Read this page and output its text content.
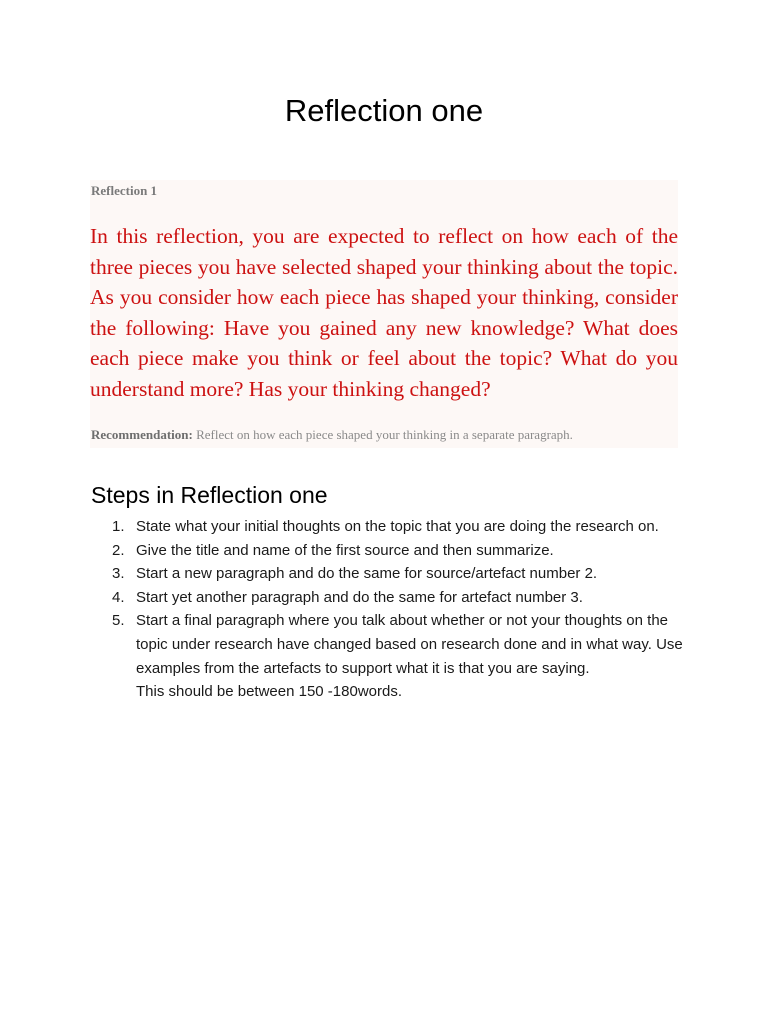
Reflection one

Reflection 1

In this reflection, you are expected to reflect on how each of the three pieces you have selected shaped your thinking about the topic. As you consider how each piece has shaped your thinking, consider the following: Have you gained any new knowledge? What does each piece make you think or feel about the topic? What do you understand more? Has your thinking changed?

Recommendation: Reflect on how each piece shaped your thinking in a separate paragraph.

Steps in Reflection one
1. State what your initial thoughts on the topic that you are doing the research on.
2. Give the title and name of the first source and then summarize.
3. Start a new paragraph and do the same for source/artefact number 2.
4. Start yet another paragraph and do the same for artefact number 3.
5. Start a final paragraph where you talk about whether or not your thoughts on the topic under research have changed based on research done and in what way. Use examples from the artefacts to support what it is that you are saying.
This should be between 150 -180words.
